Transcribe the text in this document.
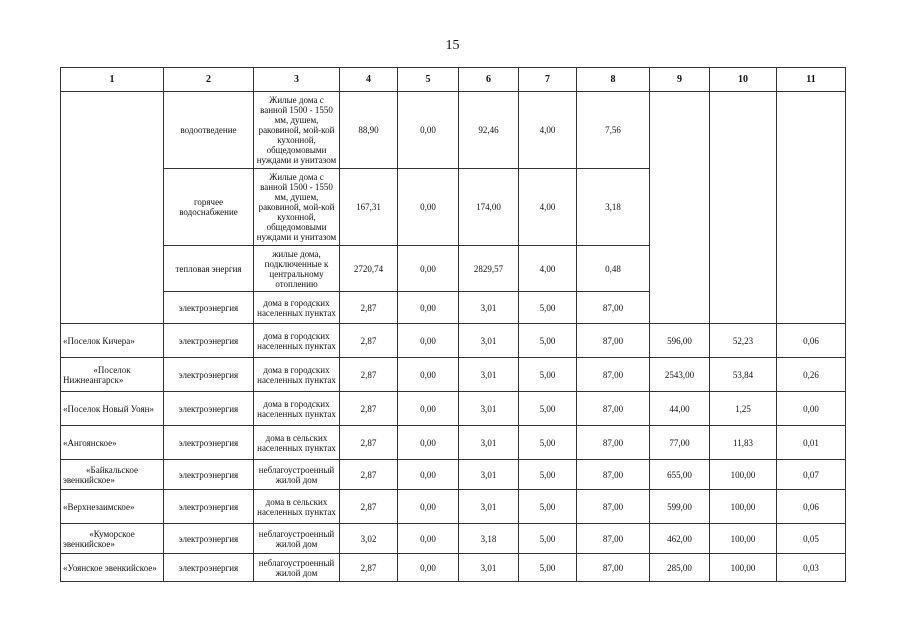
15
1	2	3	4	5	6	7	8	9	10	11
	водоотведение	Жилые дома с ванной 1500 - 1550 мм, душем, раковиной, мой-кой кухонной, общедомовыми нуждами и унитазом	88,90	0,00	92,46	4,00	7,56			
	горячее водоснабжение	Жилые дома с ванной 1500 - 1550 мм, душем, раковиной, мой-кой кухонной, общедомовыми нуждами и унитазом	167,31	0,00	174,00	4,00	3,18			
	тепловая энергия	жилые дома, подключенные к центральному отоплению	2720,74	0,00	2829,57	4,00	0,48			
	электроэнергия	дома в городских населенных пунктах	2,87	0,00	3,01	5,00	87,00			
«Поселок Кичера»	электроэнергия	дома в городских населенных пунктах	2,87	0,00	3,01	5,00	87,00	596,00	52,23	0,06
«Поселок Нижнеангарск»	электроэнергия	дома в городских населенных пунктах	2,87	0,00	3,01	5,00	87,00	2543,00	53,84	0,26
«Поселок Новый Уоян»	электроэнергия	дома в городских населенных пунктах	2,87	0,00	3,01	5,00	87,00	44,00	1,25	0,00
«Ангоянское»	электроэнергия	дома в сельских населенных пунктах	2,87	0,00	3,01	5,00	87,00	77,00	11,83	0,01
«Байкальское эвенкийское»	электроэнергия	неблагоустроенный жилой дом	2,87	0,00	3,01	5,00	87,00	655,00	100,00	0,07
«Верхнезаимское»	электроэнергия	дома в сельских населенных пунктах	2,87	0,00	3,01	5,00	87,00	599,00	100,00	0,06
«Куморское эвенкийское»	электроэнергия	неблагоустроенный жилой дом	3,02	0,00	3,18	5,00	87,00	462,00	100,00	0,05
«Уоянское эвенкийское»	электроэнергия	неблагоустроенный жилой дом	2,87	0,00	3,01	5,00	87,00	285,00	100,00	0,03
